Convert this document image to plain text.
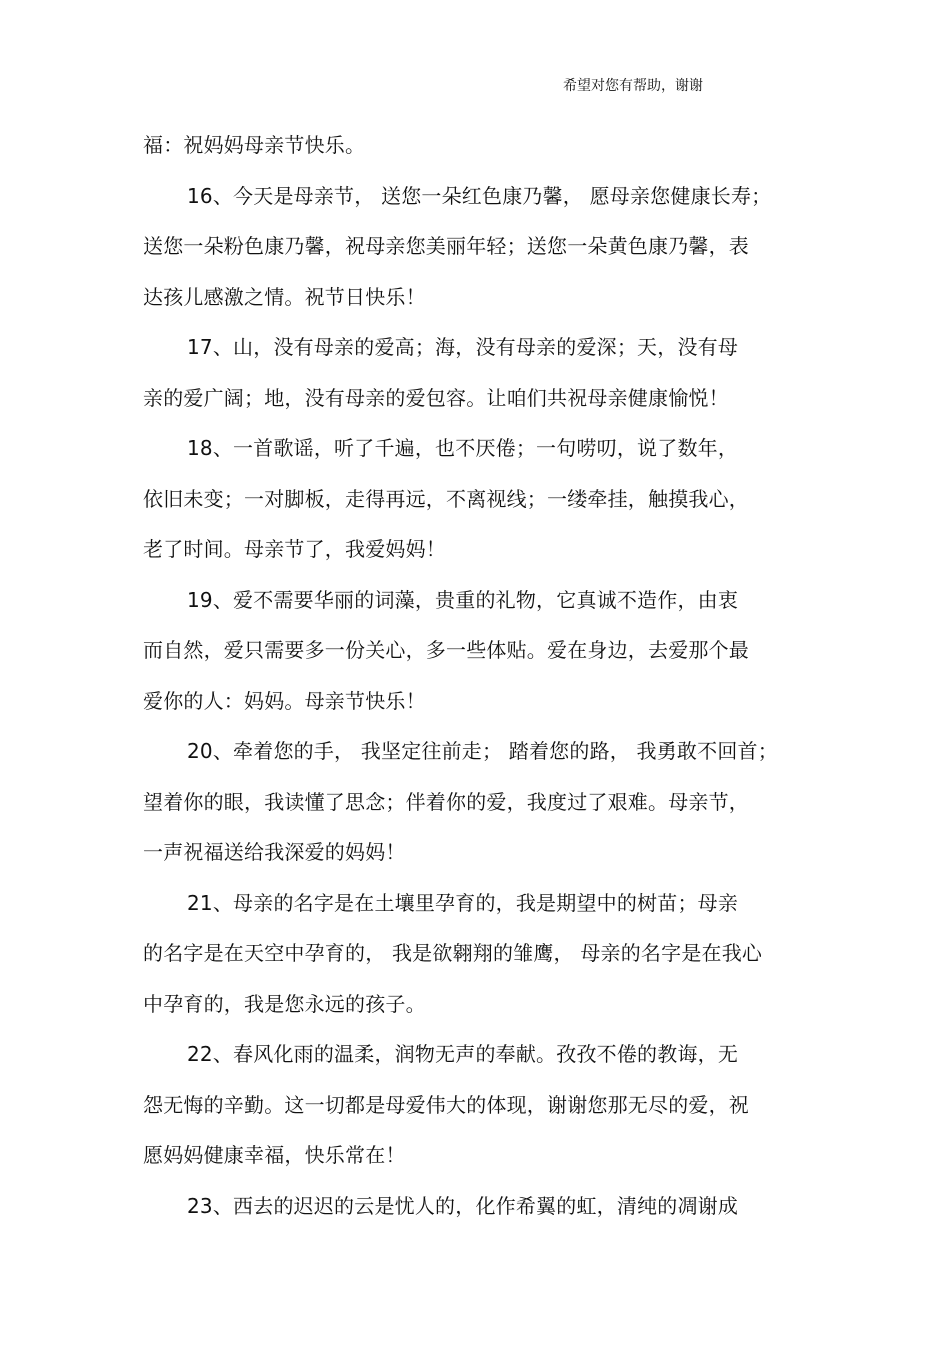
希望对您有帮助，谢谢
福：祝妈妈母亲节快乐。
16、今天是母亲节， 送您一朵红色康乃馨， 愿母亲您健康长寿；
送您一朵粉色康乃馨，祝母亲您美丽年轻；送您一朵黄色康乃馨，表
达孩儿感激之情。祝节日快乐！
17、山，没有母亲的爱高；海，没有母亲的爱深；天，没有母
亲的爱广阔；地，没有母亲的爱包容。让咱们共祝母亲健康愉悦！
18、一首歌谣，听了千遍，也不厌倦；一句唠叨，说了数年，
依旧未变；一对脚板，走得再远，不离视线；一缕牵挂，触摸我心，
老了时间。母亲节了，我爱妈妈！
19、爱不需要华丽的词藻，贵重的礼物，它真诚不造作，由衷
而自然，爱只需要多一份关心，多一些体贴。爱在身边，去爱那个最
爱你的人：妈妈。母亲节快乐！
20、牵着您的手， 我坚定往前走； 踏着您的路， 我勇敢不回首；
望着你的眼，我读懂了思念；伴着你的爱，我度过了艰难。母亲节，
一声祝福送给我深爱的妈妈！
21、母亲的名字是在土壤里孕育的，我是期望中的树苗；母亲
的名字是在天空中孕育的， 我是欲翱翔的雏鹰， 母亲的名字是在我心
中孕育的，我是您永远的孩子。
22、春风化雨的温柔，润物无声的奉献。孜孜不倦的教诲，无
怨无悔的辛勤。这一切都是母爱伟大的体现，谢谢您那无尽的爱，祝
愿妈妈健康幸福，快乐常在！
23、西去的迟迟的云是忧人的，化作希翼的虹，清纯的凋谢成
